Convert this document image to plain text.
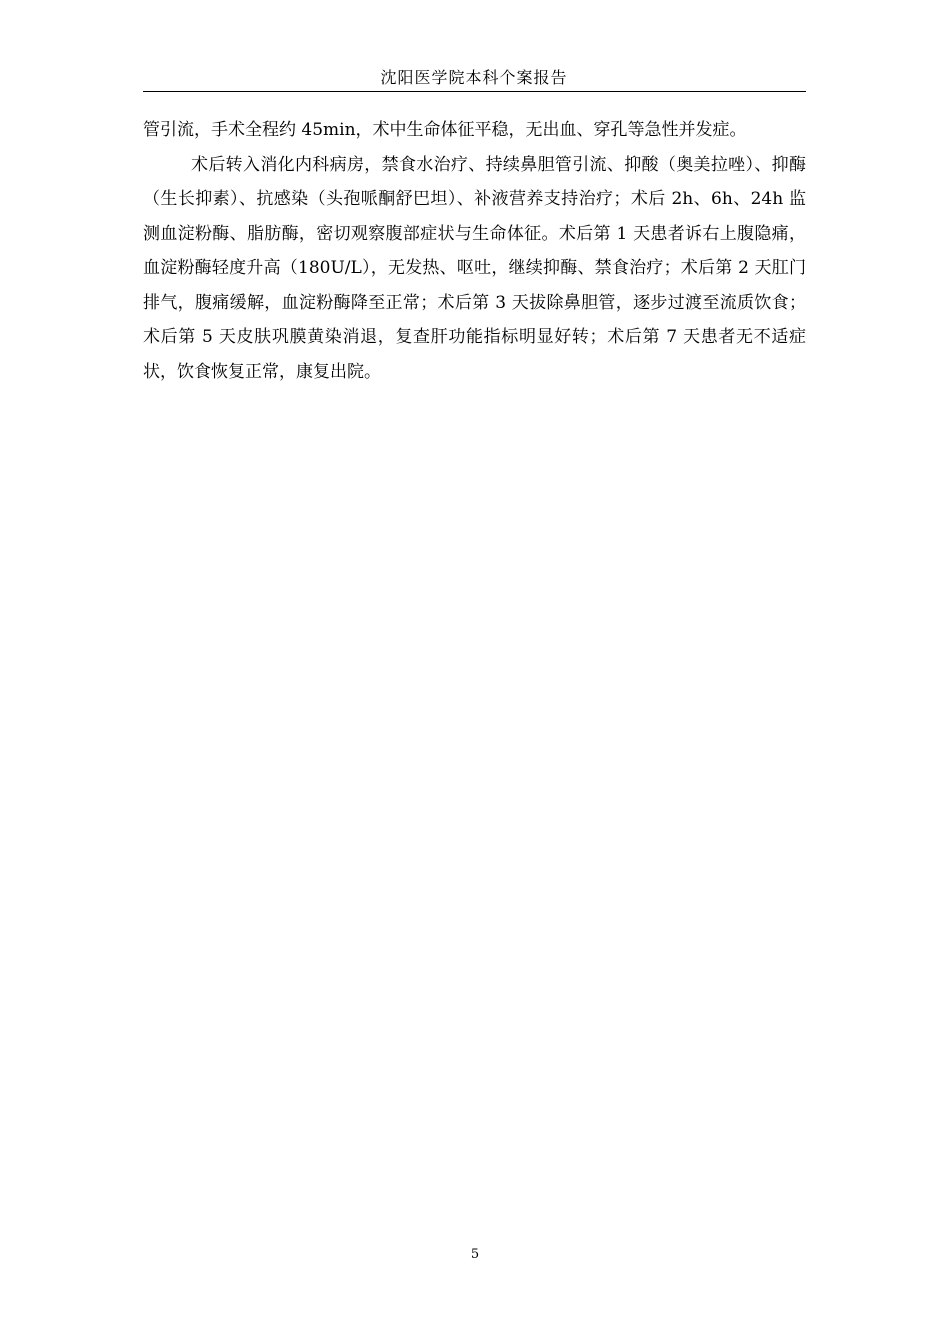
沈阳医学院本科个案报告

管引流，手术全程约 45min，术中生命体征平稳，无出血、穿孔等急性并发症。

术后转入消化内科病房，禁食水治疗、持续鼻胆管引流、抑酸（奥美拉唑）、抑酶（生长抑素）、抗感染（头孢哌酮舒巴坦）、补液营养支持治疗；术后 2h、6h、24h 监测血淀粉酶、脂肪酶，密切观察腹部症状与生命体征。术后第 1 天患者诉右上腹隐痛，血淀粉酶轻度升高（180U/L），无发热、呕吐，继续抑酶、禁食治疗；术后第 2 天肛门排气，腹痛缓解，血淀粉酶降至正常；术后第 3 天拔除鼻胆管，逐步过渡至流质饮食；术后第 5 天皮肤巩膜黄染消退，复查肝功能指标明显好转；术后第 7 天患者无不适症状，饮食恢复正常，康复出院。

5
